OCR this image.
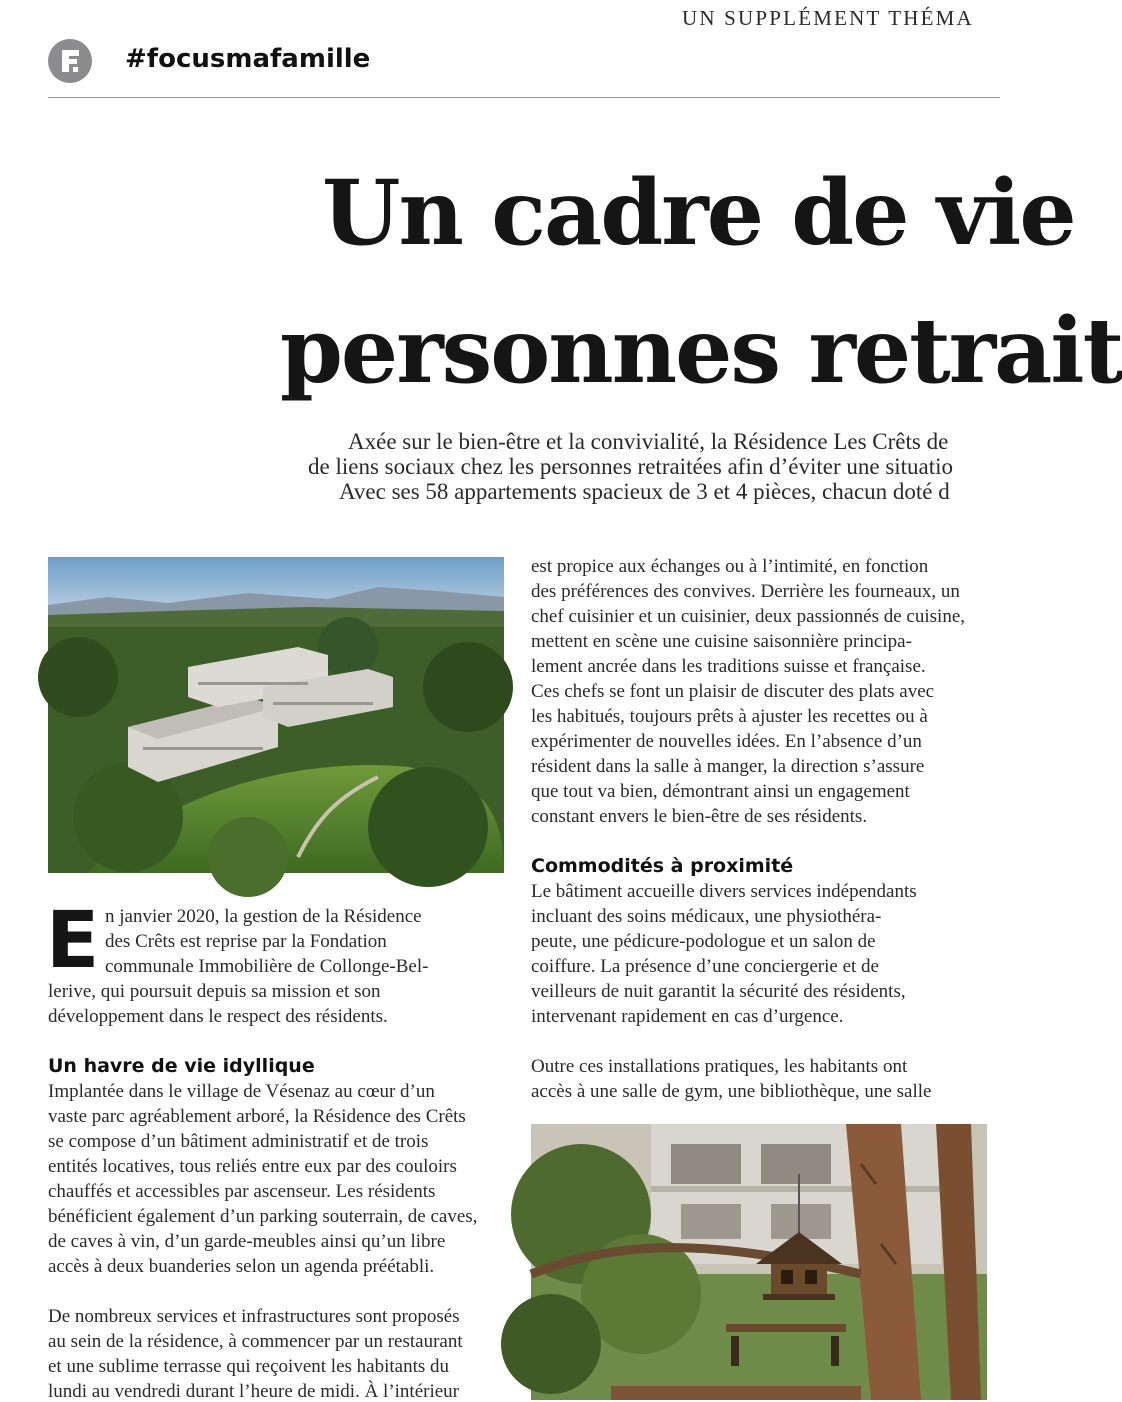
UN SUPPLÉMENT THÉMA
#focusmafamille
Un cadre de vie
personnes retrait
Axée sur le bien-être et la convivialité, la Résidence Les Crêts de
de liens sociaux chez les personnes retraitées afin d’éviter une situatio
Avec ses 58 appartements spacieux de 3 et 4 pièces, chacun doté d
E n janvier 2020, la gestion de la Résidence
des Crêts est reprise par la Fondation
communale Immobilière de Collonge-Bel-
lerive, qui poursuit depuis sa mission et son
développement dans le respect des résidents.
Un havre de vie idyllique
Implantée dans le village de Vésenaz au cœur d’un
vaste parc agréablement arboré, la Résidence des Crêts
se compose d’un bâtiment administratif et de trois
entités locatives, tous reliés entre eux par des couloirs
chauffés et accessibles par ascenseur. Les résidents
bénéficient également d’un parking souterrain, de caves,
de caves à vin, d’un garde-meubles ainsi qu’un libre
accès à deux buanderies selon un agenda préétabli.
De nombreux services et infrastructures sont proposés
au sein de la résidence, à commencer par un restaurant
et une sublime terrasse qui reçoivent les habitants du
lundi au vendredi durant l’heure de midi. À l’intérieur
est propice aux échanges ou à l’intimité, en fonction
des préférences des convives. Derrière les fourneaux, un
chef cuisinier et un cuisinier, deux passionnés de cuisine,
mettent en scène une cuisine saisonnière principa-
lement ancrée dans les traditions suisse et française.
Ces chefs se font un plaisir de discuter des plats avec
les habitués, toujours prêts à ajuster les recettes ou à
expérimenter de nouvelles idées. En l’absence d’un
résident dans la salle à manger, la direction s’assure
que tout va bien, démontrant ainsi un engagement
constant envers le bien-être de ses résidents.
Commodités à proximité
Le bâtiment accueille divers services indépendants
incluant des soins médicaux, une physiothéra-
peute, une pédicure-podologue et un salon de
coiffure. La présence d’une conciergerie et de
veilleurs de nuit garantit la sécurité des résidents,
intervenant rapidement en cas d’urgence.
Outre ces installations pratiques, les habitants ont
accès à une salle de gym, une bibliothèque, une salle
